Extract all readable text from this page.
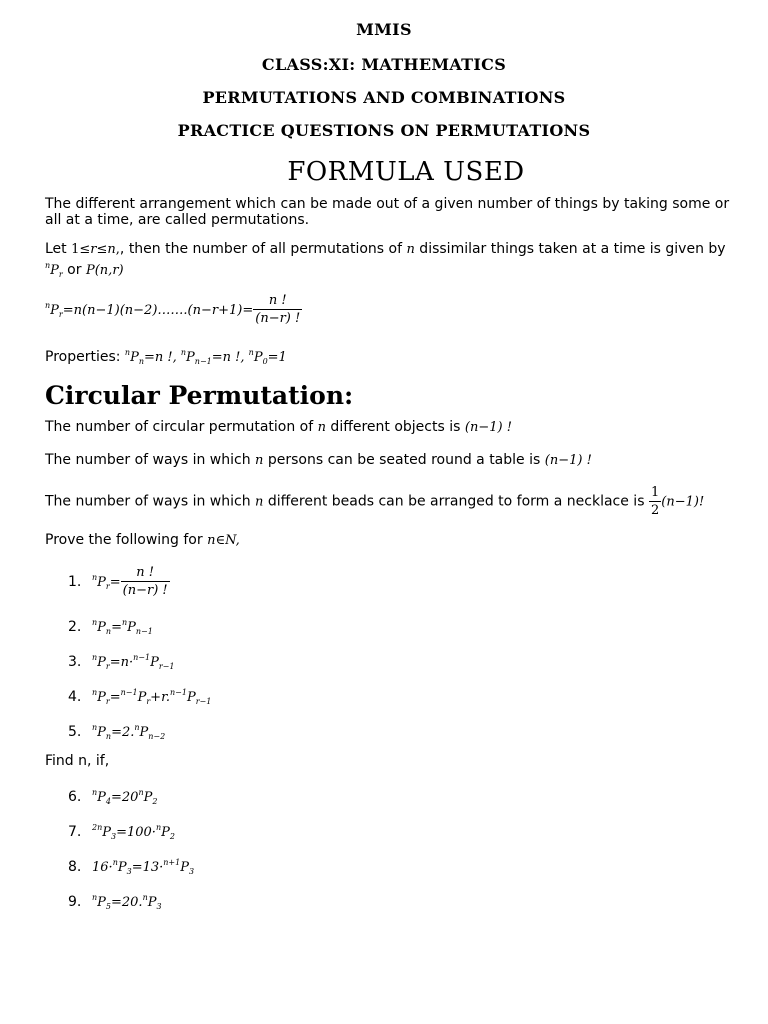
MMIS
CLASS:XI: MATHEMATICS
PERMUTATIONS AND COMBINATIONS
PRACTICE QUESTIONS ON PERMUTATIONS
FORMULA USED
The different arrangement which can be made out of a given number of things by taking some or all at a time, are called permutations.
Let 1≤r≤n,, then the number of all permutations of n dissimilar things taken at a time is given by $^nP_r$ or P(n,r)
$^nP_r=n(n-1)(n-2)\dots\dots.(n-r+1)= \frac{n !}{(n-r) !}$
Properties: $^nP_n=n$ !, $^nP_{n-1}=n$ !, $^nP_0=1$
Circular Permutation:
The number of circular permutation of n different objects is (n−1) !
The number of ways in which n persons can be seated round a table is (n−1) !
The number of ways in which n different beads can be arranged to form a necklace is $\frac{1}{2} (n-1)$!
Prove the following for n∈N,
1. $^nP_r= \frac{n !}{(n-r) !}$
2. $^nP_n=^nP_{n-1}$
3. $^nP_r=n\cdot^{n-1}P_{r-1}$
4. $^nP_r=^{n-1}P_r+r.^{n-1}P_{r-1}$
5. $^nP_n=2.^nP_{n-2}$
Find n, if,
6. $^nP_4=20^nP_2$
7. $^{2n}P_3=100\cdot^nP_2$
8. $16\cdot^nP_3=13\cdot^{n+1}P_3$
9. $^nP_5=20.^nP_3$
